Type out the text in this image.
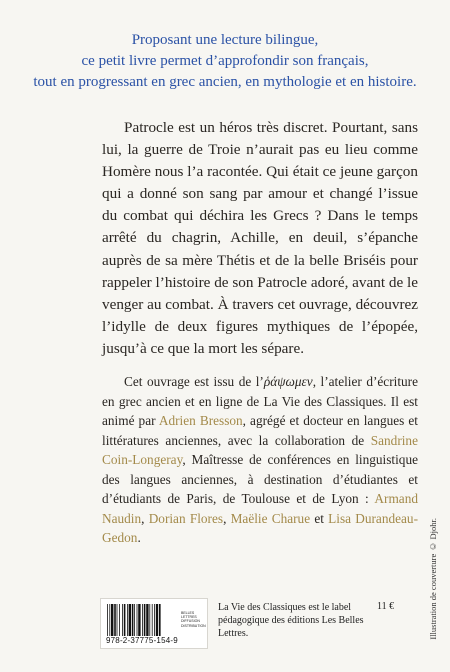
Proposant une lecture bilingue,
ce petit livre permet d’approfondir son français,
tout en progressant en grec ancien, en mythologie et en histoire.

Patrocle est un héros très discret. Pourtant, sans lui, la guerre de Troie n’aurait pas eu lieu comme Homère nous l’a racontée. Qui était ce jeune garçon qui a donné son sang par amour et changé l’issue du combat qui déchira les Grecs ? Dans le temps arrêté du chagrin, Achille, en deuil, s’épanche auprès de sa mère Thétis et de la belle Briséis pour rappeler l’histoire de son Patrocle adoré, avant de le venger au combat. À travers cet ouvrage, découvrez l’idylle de deux figures mythiques de l’épopée, jusqu’à ce que la mort les sépare.

Cet ouvrage est issu de l’ῥάψωμεν, l’atelier d’écriture en grec ancien et en ligne de La Vie des Classiques. Il est animé par Adrien Bresson, agrégé et docteur en langues et littératures anciennes, avec la collaboration de Sandrine Coin-Longeray, Maîtresse de conférences en linguistique des langues anciennes, à destination d’étudiantes et d’étudiants de Paris, de Toulouse et de Lyon : Armand Naudin, Dorian Flores, Maëlie Charue et Lisa Durandeau-Gedon.	Illustration de couverture © Djohr.
BELLES LETTRES DIFFUSION DISTRIBUTION
978-2-37775-154-9
La Vie des Classiques est le label pédagogique des éditions Les Belles Lettres.
11 €
